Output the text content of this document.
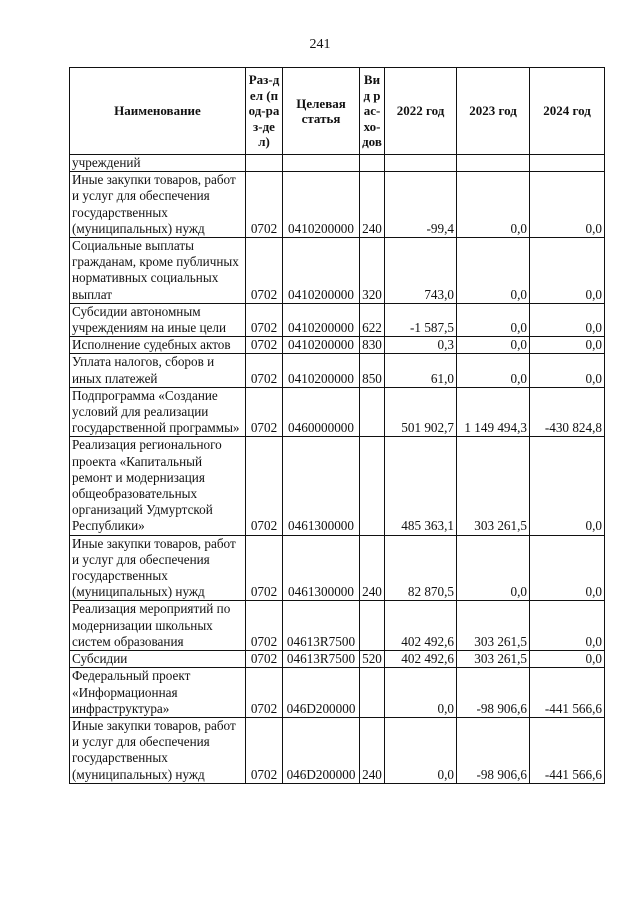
241
Наименование	Раз-дел (под-раз-дел)	Целевая статья	Вид рас-хо-дов	2022 год	2023 год	2024 год
учреждений						
Иные закупки товаров, работ и услуг для обеспечения государственных (муниципальных) нужд	0702	0410200000	240	-99,4	0,0	0,0
Социальные выплаты гражданам, кроме публичных нормативных социальных выплат	0702	0410200000	320	743,0	0,0	0,0
Субсидии автономным учреждениям на иные цели	0702	0410200000	622	-1 587,5	0,0	0,0
Исполнение судебных актов	0702	0410200000	830	0,3	0,0	0,0
Уплата налогов, сборов и иных платежей	0702	0410200000	850	61,0	0,0	0,0
Подпрограмма «Создание условий для реализации государственной программы»	0702	0460000000		501 902,7	1 149 494,3	-430 824,8
Реализация регионального проекта «Капитальный ремонт и модернизация общеобразовательных организаций Удмуртской Республики»	0702	0461300000		485 363,1	303 261,5	0,0
Иные закупки товаров, работ и услуг для обеспечения государственных (муниципальных) нужд	0702	0461300000	240	82 870,5	0,0	0,0
Реализация мероприятий по модернизации школьных систем образования	0702	04613R7500		402 492,6	303 261,5	0,0
Субсидии	0702	04613R7500	520	402 492,6	303 261,5	0,0
Федеральный проект «Информационная инфраструктура»	0702	046D200000		0,0	-98 906,6	-441 566,6
Иные закупки товаров, работ и услуг для обеспечения государственных (муниципальных) нужд	0702	046D200000	240	0,0	-98 906,6	-441 566,6
